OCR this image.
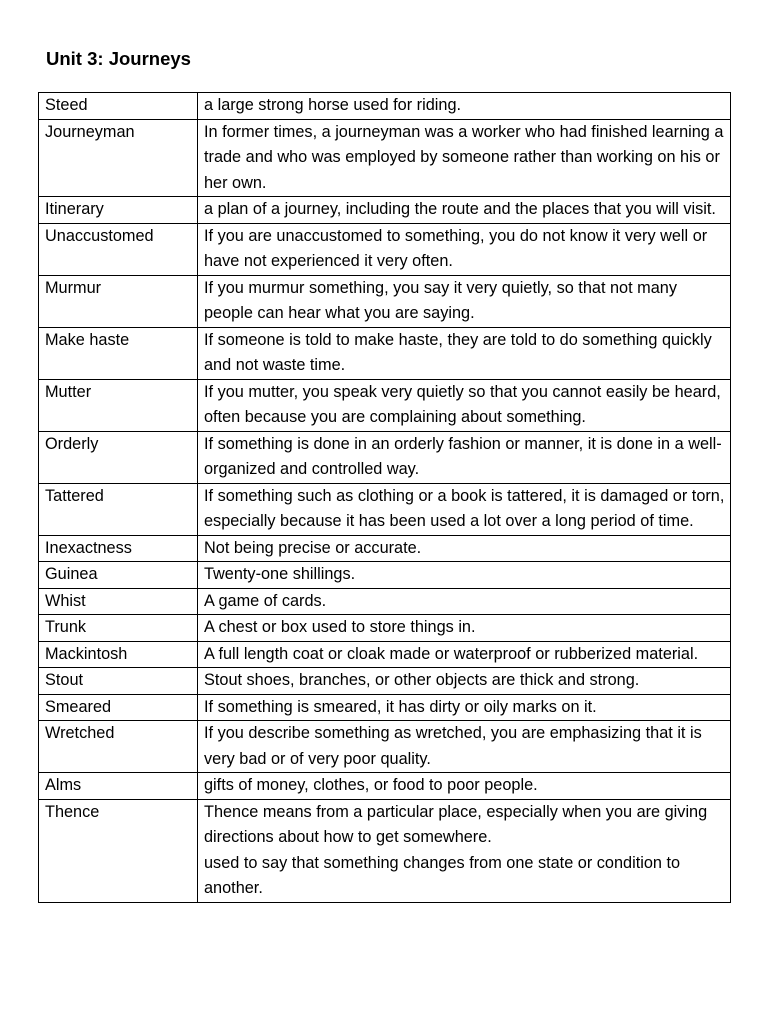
Unit 3: Journeys
Steed	a large strong horse used for riding.
Journeyman	In former times, a journeyman was a worker who had finished learning a trade and who was employed by someone rather than working on his or her own.
Itinerary	a plan of a journey, including the route and the places that you will visit.
Unaccustomed	If you are unaccustomed to something, you do not know it very well or have not experienced it very often.
Murmur	If you murmur something, you say it very quietly, so that not many people can hear what you are saying.
Make haste	If someone is told to make haste, they are told to do something quickly and not waste time.
Mutter	If you mutter, you speak very quietly so that you cannot easily be heard, often because you are complaining about something.
Orderly	If something is done in an orderly fashion or manner, it is done in a well-organized and controlled way.
Tattered	If something such as clothing or a book is tattered, it is damaged or torn, especially because it has been used a lot over a long period of time.
Inexactness	Not being precise or accurate.
Guinea	Twenty-one shillings.
Whist	A game of cards.
Trunk	A chest or box used to store things in.
Mackintosh	A full length coat or cloak made or waterproof or rubberized material.
Stout	Stout shoes, branches, or other objects are thick and strong.
Smeared	If something is smeared, it has dirty or oily marks on it.
Wretched	If you describe something as wretched, you are emphasizing that it is very bad or of very poor quality.
Alms	gifts of money, clothes, or food to poor people.
Thence	Thence means from a particular place, especially when you are giving directions about how to get somewhere.
used to say that something changes from one state or condition to another.
